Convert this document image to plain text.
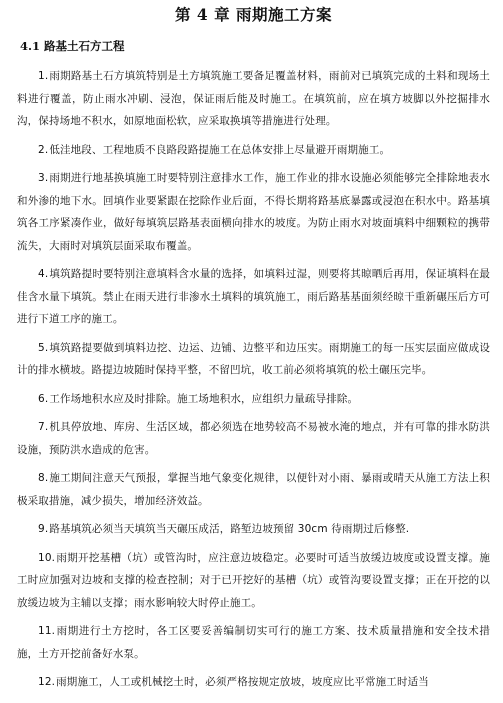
第 4 章 雨期施工方案
4.1 路基土石方工程

1.雨期路基土石方填筑特别是土方填筑施工要备足覆盖材料，雨前对已填筑完成的土料和现场土料进行覆盖，防止雨水冲刷、浸泡，保证雨后能及时施工。在填筑前，应在填方坡脚以外挖掘排水沟，保持场地不积水，如原地面松软，应采取换填等措施进行处理。

2.低洼地段、工程地质不良路段路提施工在总体安排上尽量避开雨期施工。

3.雨期进行地基换填施工时要特别注意排水工作，施工作业的排水设施必须能够完全排除地表水和外渗的地下水。回填作业要紧跟在挖除作业后面，不得长期将路基底暴露或浸泡在积水中。路基填筑各工序紧凑作业，做好每填筑层路基表面横向排水的坡度。为防止雨水对坡面填料中细颗粒的携带流失，大雨时对填筑层面采取布覆盖。

4.填筑路提时要特别注意填料含水量的选择，如填料过湿，则要将其晾晒后再用，保证填料在最佳含水量下填筑。禁止在雨天进行非渗水土填料的填筑施工，雨后路基基面须经晾干重新碾压后方可进行下道工序的施工。

5.填筑路提要做到填料边挖、边运、边铺、边整平和边压实。雨期施工的每一压实层面应做成设计的排水横坡。路提边坡随时保持平整，不留凹坑，收工前必须将填筑的松土碾压完毕。

6.工作场地积水应及时排除。施工场地积水，应组织力量疏导排除。

7.机具停放地、库房、生活区域，都必须选在地势较高不易被水淹的地点，并有可靠的排水防洪设施，预防洪水造成的危害。

8.施工期间注意天气预报，掌握当地气象变化规律，以便针对小雨、暴雨或晴天从施工方法上积极采取措施，减少损失，增加经济效益。

9.路基填筑必须当天填筑当天碾压成活，路堑边坡预留 30cm 待雨期过后修整.

10.雨期开挖基槽（坑）或管沟时，应注意边坡稳定。必要时可适当放缓边坡度或设置支撑。施工时应加强对边坡和支撑的检查控制；对于已开挖好的基槽（坑）或管沟要设置支撑；正在开挖的以放缓边坡为主辅以支撑；雨水影响较大时停止施工。

11.雨期进行土方挖时，各工区要妥善编制切实可行的施工方案、技术质量措施和安全技术措施，土方开挖前备好水泵。

12.雨期施工，人工或机械挖土时，必须严格按规定放坡，坡度应比平常施工时适当
